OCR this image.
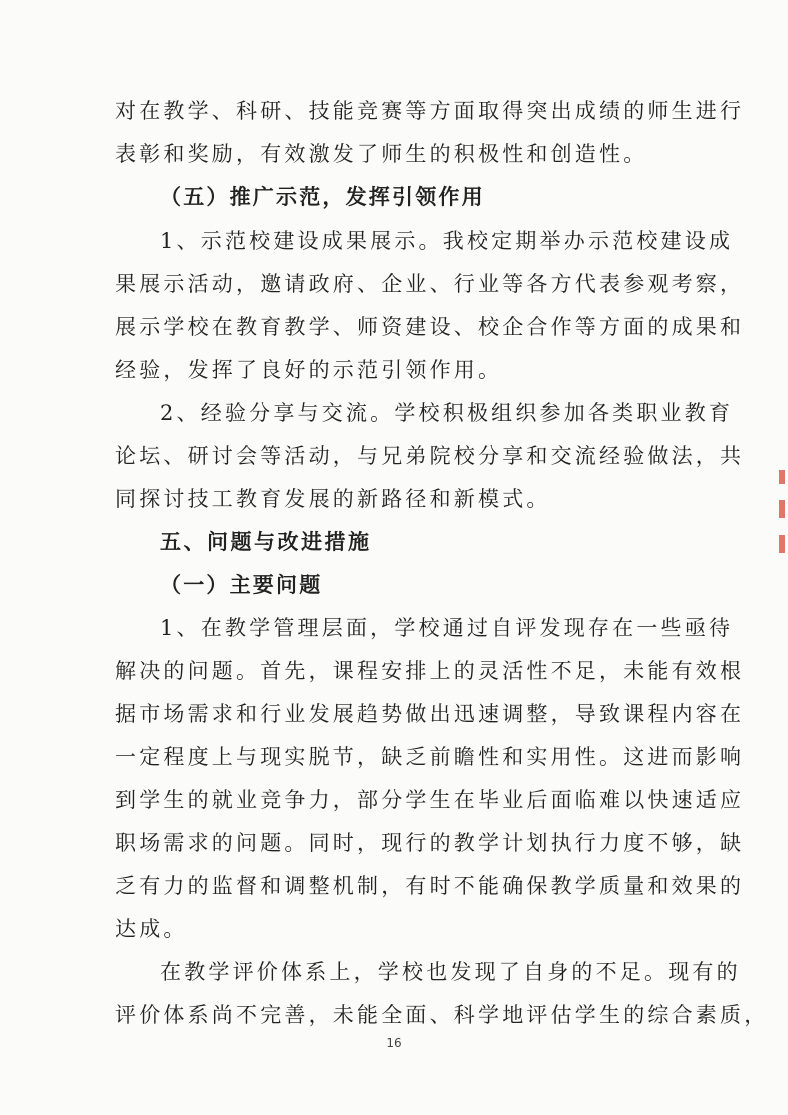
对在教学、科研、技能竞赛等方面取得突出成绩的师生进行
表彰和奖励，有效激发了师生的积极性和创造性。
（五）推广示范，发挥引领作用
1、示范校建设成果展示。我校定期举办示范校建设成
果展示活动，邀请政府、企业、行业等各方代表参观考察，
展示学校在教育教学、师资建设、校企合作等方面的成果和
经验，发挥了良好的示范引领作用。
2、经验分享与交流。学校积极组织参加各类职业教育
论坛、研讨会等活动，与兄弟院校分享和交流经验做法，共
同探讨技工教育发展的新路径和新模式。
五、问题与改进措施
（一）主要问题
1、在教学管理层面，学校通过自评发现存在一些亟待
解决的问题。首先，课程安排上的灵活性不足，未能有效根
据市场需求和行业发展趋势做出迅速调整，导致课程内容在
一定程度上与现实脱节，缺乏前瞻性和实用性。这进而影响
到学生的就业竞争力，部分学生在毕业后面临难以快速适应
职场需求的问题。同时，现行的教学计划执行力度不够，缺
乏有力的监督和调整机制，有时不能确保教学质量和效果的
达成。
在教学评价体系上，学校也发现了自身的不足。现有的
评价体系尚不完善，未能全面、科学地评估学生的综合素质，
16
